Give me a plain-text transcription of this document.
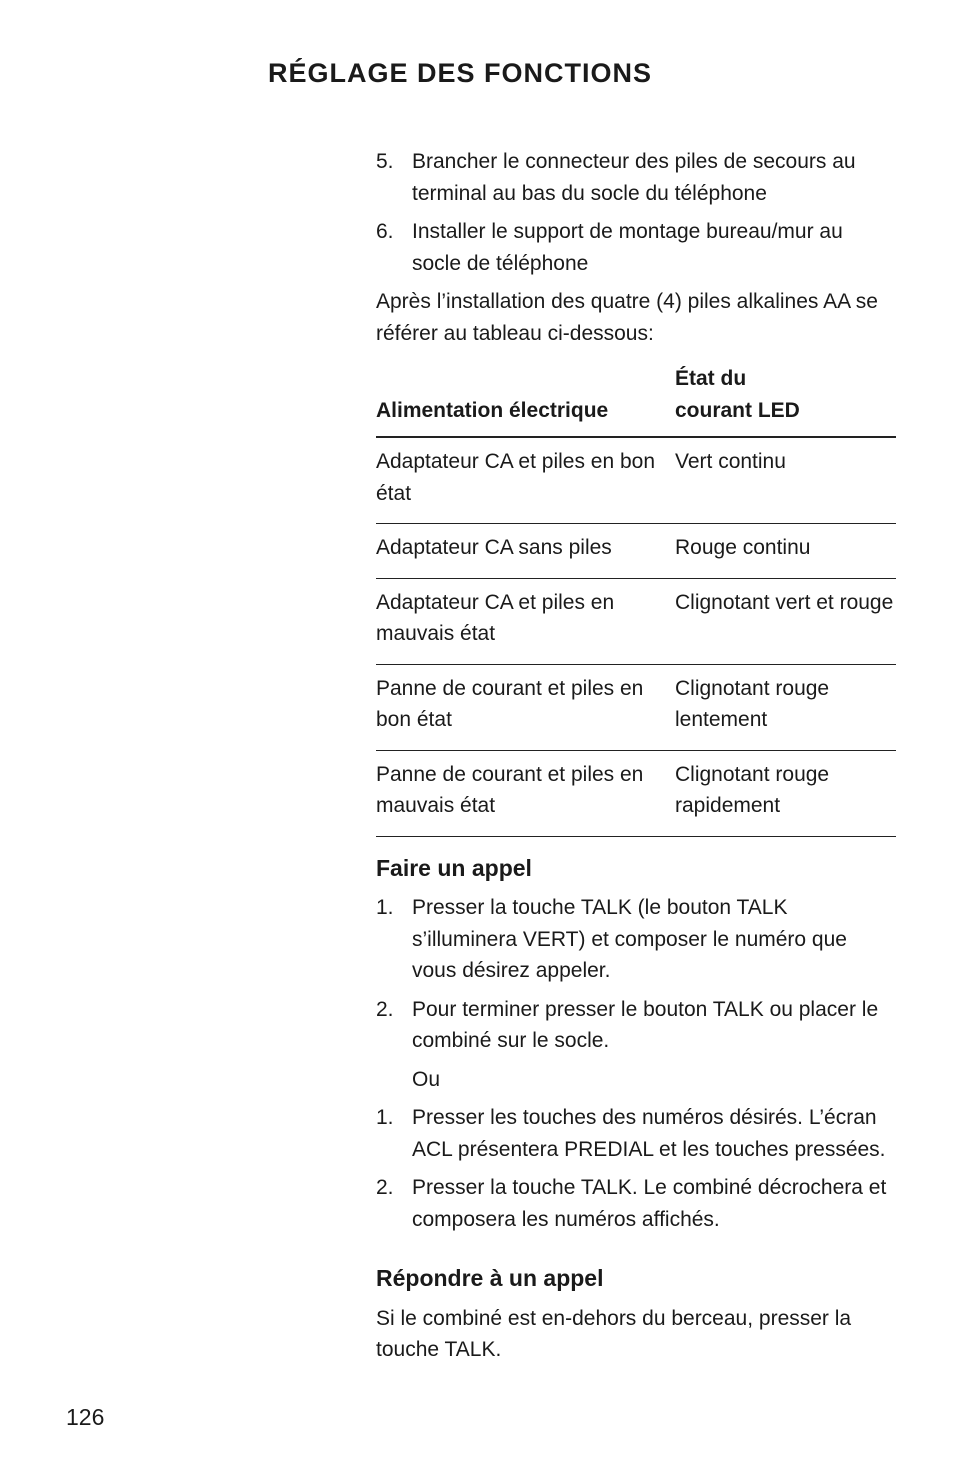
RÉGLAGE DES FONCTIONS
5. Brancher le connecteur des piles de secours au terminal au bas du socle du téléphone
6. Installer le support de montage bureau/mur au socle de téléphone
Après l’installation des quatre (4) piles alkalines AA se référer au tableau ci-dessous:
Alimentation électrique
État du
courant LED
Adaptateur CA et piles en bon état
Vert continu
Adaptateur CA sans piles	Rouge continu
Adaptateur CA et piles en mauvais état
Clignotant vert et rouge
Panne de courant et piles en bon état
Clignotant rouge lentement
Panne de courant et piles en mauvais état
Clignotant rouge rapidement
Faire un appel
1. Presser la touche TALK (le bouton TALK s’illuminera VERT) et composer le numéro que vous désirez appeler.
2. Pour terminer presser le bouton TALK ou placer le combiné sur le socle.
Ou
1. Presser les touches des numéros désirés. L’écran ACL présentera PREDIAL et les touches pressées.
2. Presser la touche TALK. Le combiné décrochera et composera les numéros affichés.
Répondre à un appel
Si le combiné est en-dehors du berceau, presser la touche TALK.
126
